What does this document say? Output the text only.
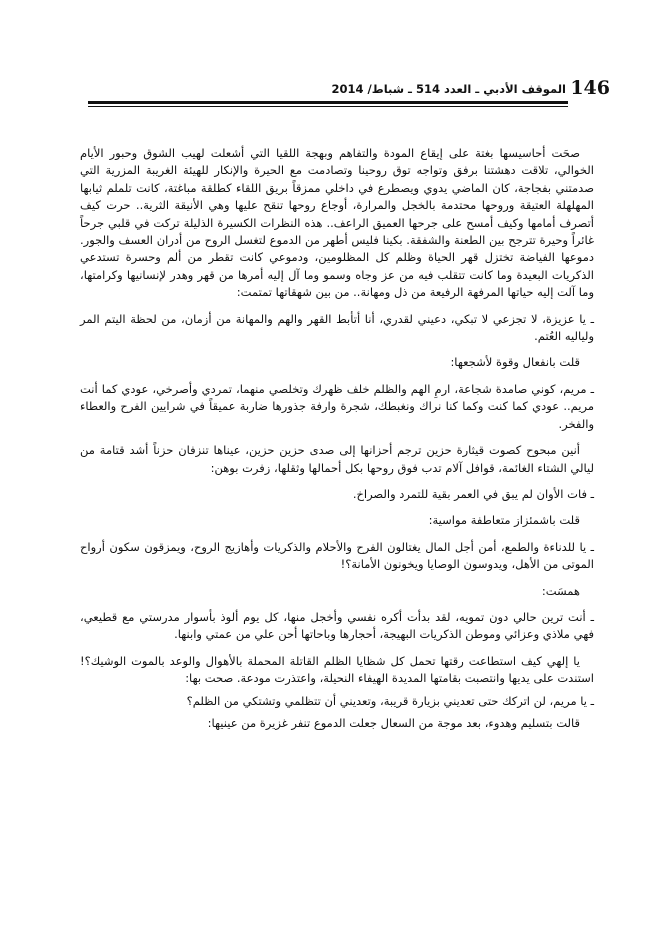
146
الموقف الأدبي ـ العدد 514 ـ شباط/ 2014

صحَت أحاسيسها بغتة على إيقاع المودة والتفاهم وبهجة اللقيا التي أشعلت لهيب الشوق وحبور الأيام الخوالي، تلاقت دهشتنا برفق وتواجه توق روحينا وتصادمت مع الحيرة والإنكار للهيئة الغريبة المزرية التي صدمتني بفجاجة، كان الماضي يدوي ويصطرع في داخلي ممزقاً بريق اللقاء كطلقة مباغتة، كانت تلملم ثيابها المهلهلة العتيقة وروحها محتدمة بالخجل والمرارة، أوجاع روحها تنقح عليها وهي الأنيقة الثرية.. حرت كيف أتصرف أمامها وكيف أمسح على جرحها العميق الراعف.. هذه النظرات الكسيرة الذليلة تركت في قلبي جرحاً غائراً وحيرة تترجح بين الطعنة والشفقة. بكينا فليس أطهر من الدموع لتغسل الروح من أدران العسف والجور. دموعها الفياضة تختزل قهر الحياة وظلم كل المظلومين، ودموعي كانت تقطر من ألم وحسرة تستدعي الذكريات البعيدة وما كانت تتقلب فيه من عز وجاه وسمو وما آل إليه أمرها من قهر وهدر لإنسانيها وكرامتها، وما آلت إليه حياتها المرفهة الرفيعة من ذل ومهانة.. من بين شهقاتها تمتمت:

ـ يا عزيزة، لا تجزعي لا تبكي، دعيني لقدري، أنا أتأبط القهر والهم والمهانة من أزمان، من لحظة اليتم المر ولياليه العُتم.

قلت بانفعال وقوة لأشجعها:

ـ مريم، كوني صامدة شجاعة، ارمِ الهم والظلم خلف ظهرك وتخلصي منهما، تمردي وأصرخي، عودي كما أنت مريم.. عودي كما كنت وكما كنا نراك ونغبطك، شجرة وارفة جذورها ضاربة عميقاً في شرايين الفرح والعطاء والفخر.

أنين مبحوح كصوت قيثارة حزين ترجم أحزانها إلى صدى حزين حزين، عيناها تنزفان حزناً أشد قتامة من ليالي الشتاء الغائمة، قوافل آلام تدب فوق روحها بكل أحمالها وثقلها، زفرت بوهن:

ـ فات الأوان لم يبق في العمر بقية للتمرد والصراخ.

قلت باشمئزاز متعاطفة مواسية:

ـ يا للدناءة والطمع، أمن أجل المال يغتالون الفرح والأحلام والذكريات وأهازيج الروح، ويمزقون سكون أرواح الموتى من الأهل، ويدوسون الوصايا ويخونون الأمانة؟!

همسَت:

ـ أنت ترين حالي دون تمويه، لقد بدأت أكره نفسي وأخجل منها، كل يوم ألوذ بأسوار مدرستي مع قطيعي، فهي ملاذي وعزائي وموطن الذكريات البهيجة، أحجارها وباحاتها أحن علي من عمتي وابنها.

يا إلهي كيف استطاعت رقتها تحمل كل شظايا الظلم القاتلة المحملة بالأهوال والوعد بالموت الوشيك؟! استندت على يديها وانتصبت بقامتها المديدة الهيفاء النحيلة، واعتذرت مودعة. صحت بها:

ـ يا مريم، لن اتركك حتى تعديني بزيارة قريبة، وتعديني أن تتظلمي وتشتكي من الظلم؟

قالت بتسليم وهدوء، بعد موجة من السعال جعلت الدموع تنفر غزيرة من عينيها:
